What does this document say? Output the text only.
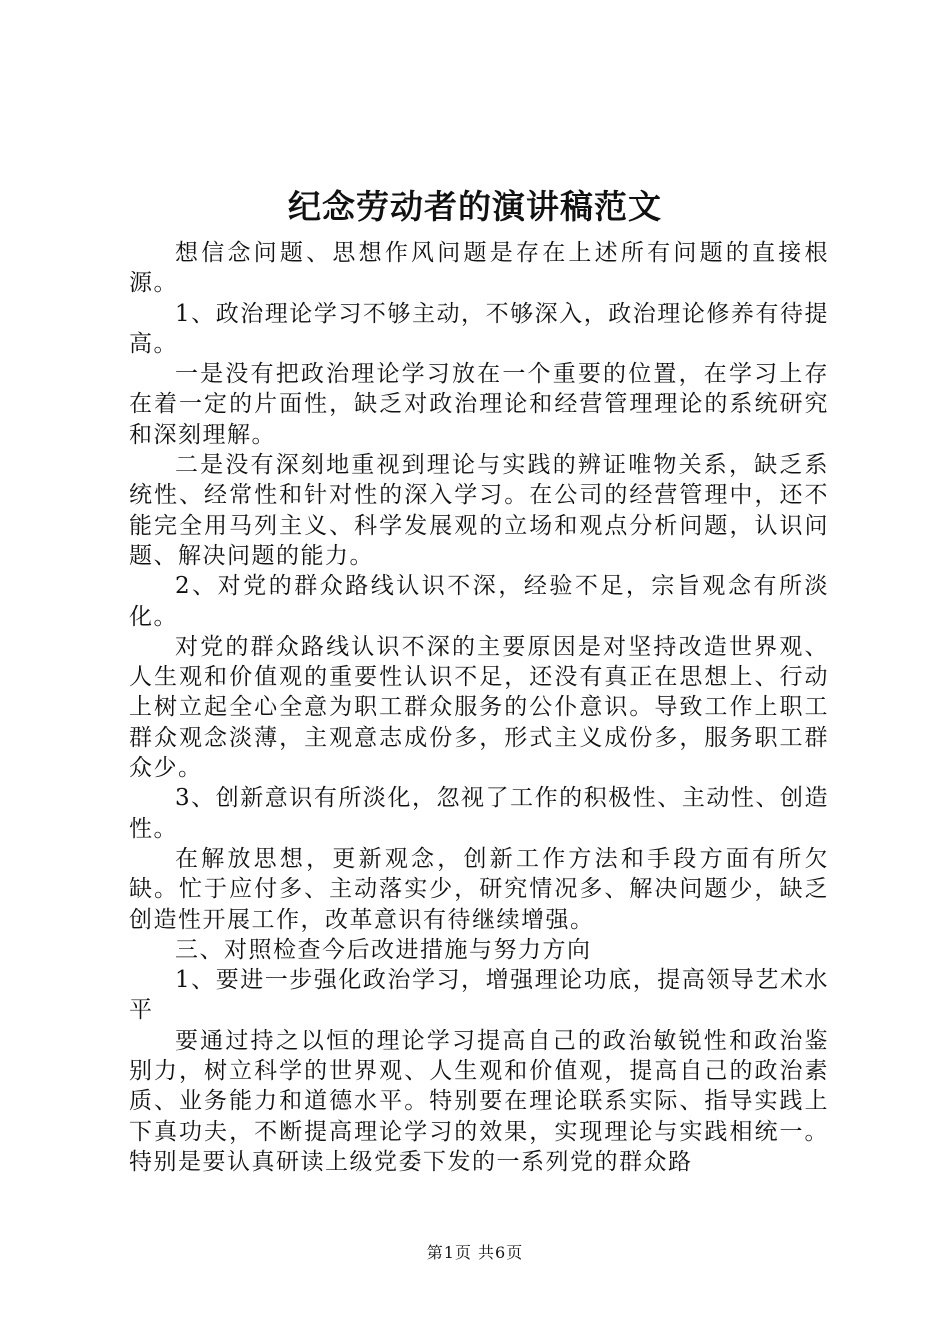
纪念劳动者的演讲稿范文

想信念问题、思想作风问题是存在上述所有问题的直接根源。

1、政治理论学习不够主动，不够深入，政治理论修养有待提高。

一是没有把政治理论学习放在一个重要的位置，在学习上存在着一定的片面性，缺乏对政治理论和经营管理理论的系统研究和深刻理解。

二是没有深刻地重视到理论与实践的辨证唯物关系，缺乏系统性、经常性和针对性的深入学习。在公司的经营管理中，还不能完全用马列主义、科学发展观的立场和观点分析问题，认识问题、解决问题的能力。

2、对党的群众路线认识不深，经验不足，宗旨观念有所淡化。

对党的群众路线认识不深的主要原因是对坚持改造世界观、人生观和价值观的重要性认识不足，还没有真正在思想上、行动上树立起全心全意为职工群众服务的公仆意识。导致工作上职工群众观念淡薄，主观意志成份多，形式主义成份多，服务职工群众少。

3、创新意识有所淡化，忽视了工作的积极性、主动性、创造性。

在解放思想，更新观念，创新工作方法和手段方面有所欠缺。忙于应付多、主动落实少，研究情况多、解决问题少，缺乏创造性开展工作，改革意识有待继续增强。

三、对照检查今后改进措施与努力方向

1、要进一步强化政治学习，增强理论功底，提高领导艺术水平

要通过持之以恒的理论学习提高自己的政治敏锐性和政治鉴别力，树立科学的世界观、人生观和价值观，提高自己的政治素质、业务能力和道德水平。特别要在理论联系实际、指导实践上下真功夫，不断提高理论学习的效果，实现理论与实践相统一。特别是要认真研读上级党委下发的一系列党的群众路

第1页 共6页
